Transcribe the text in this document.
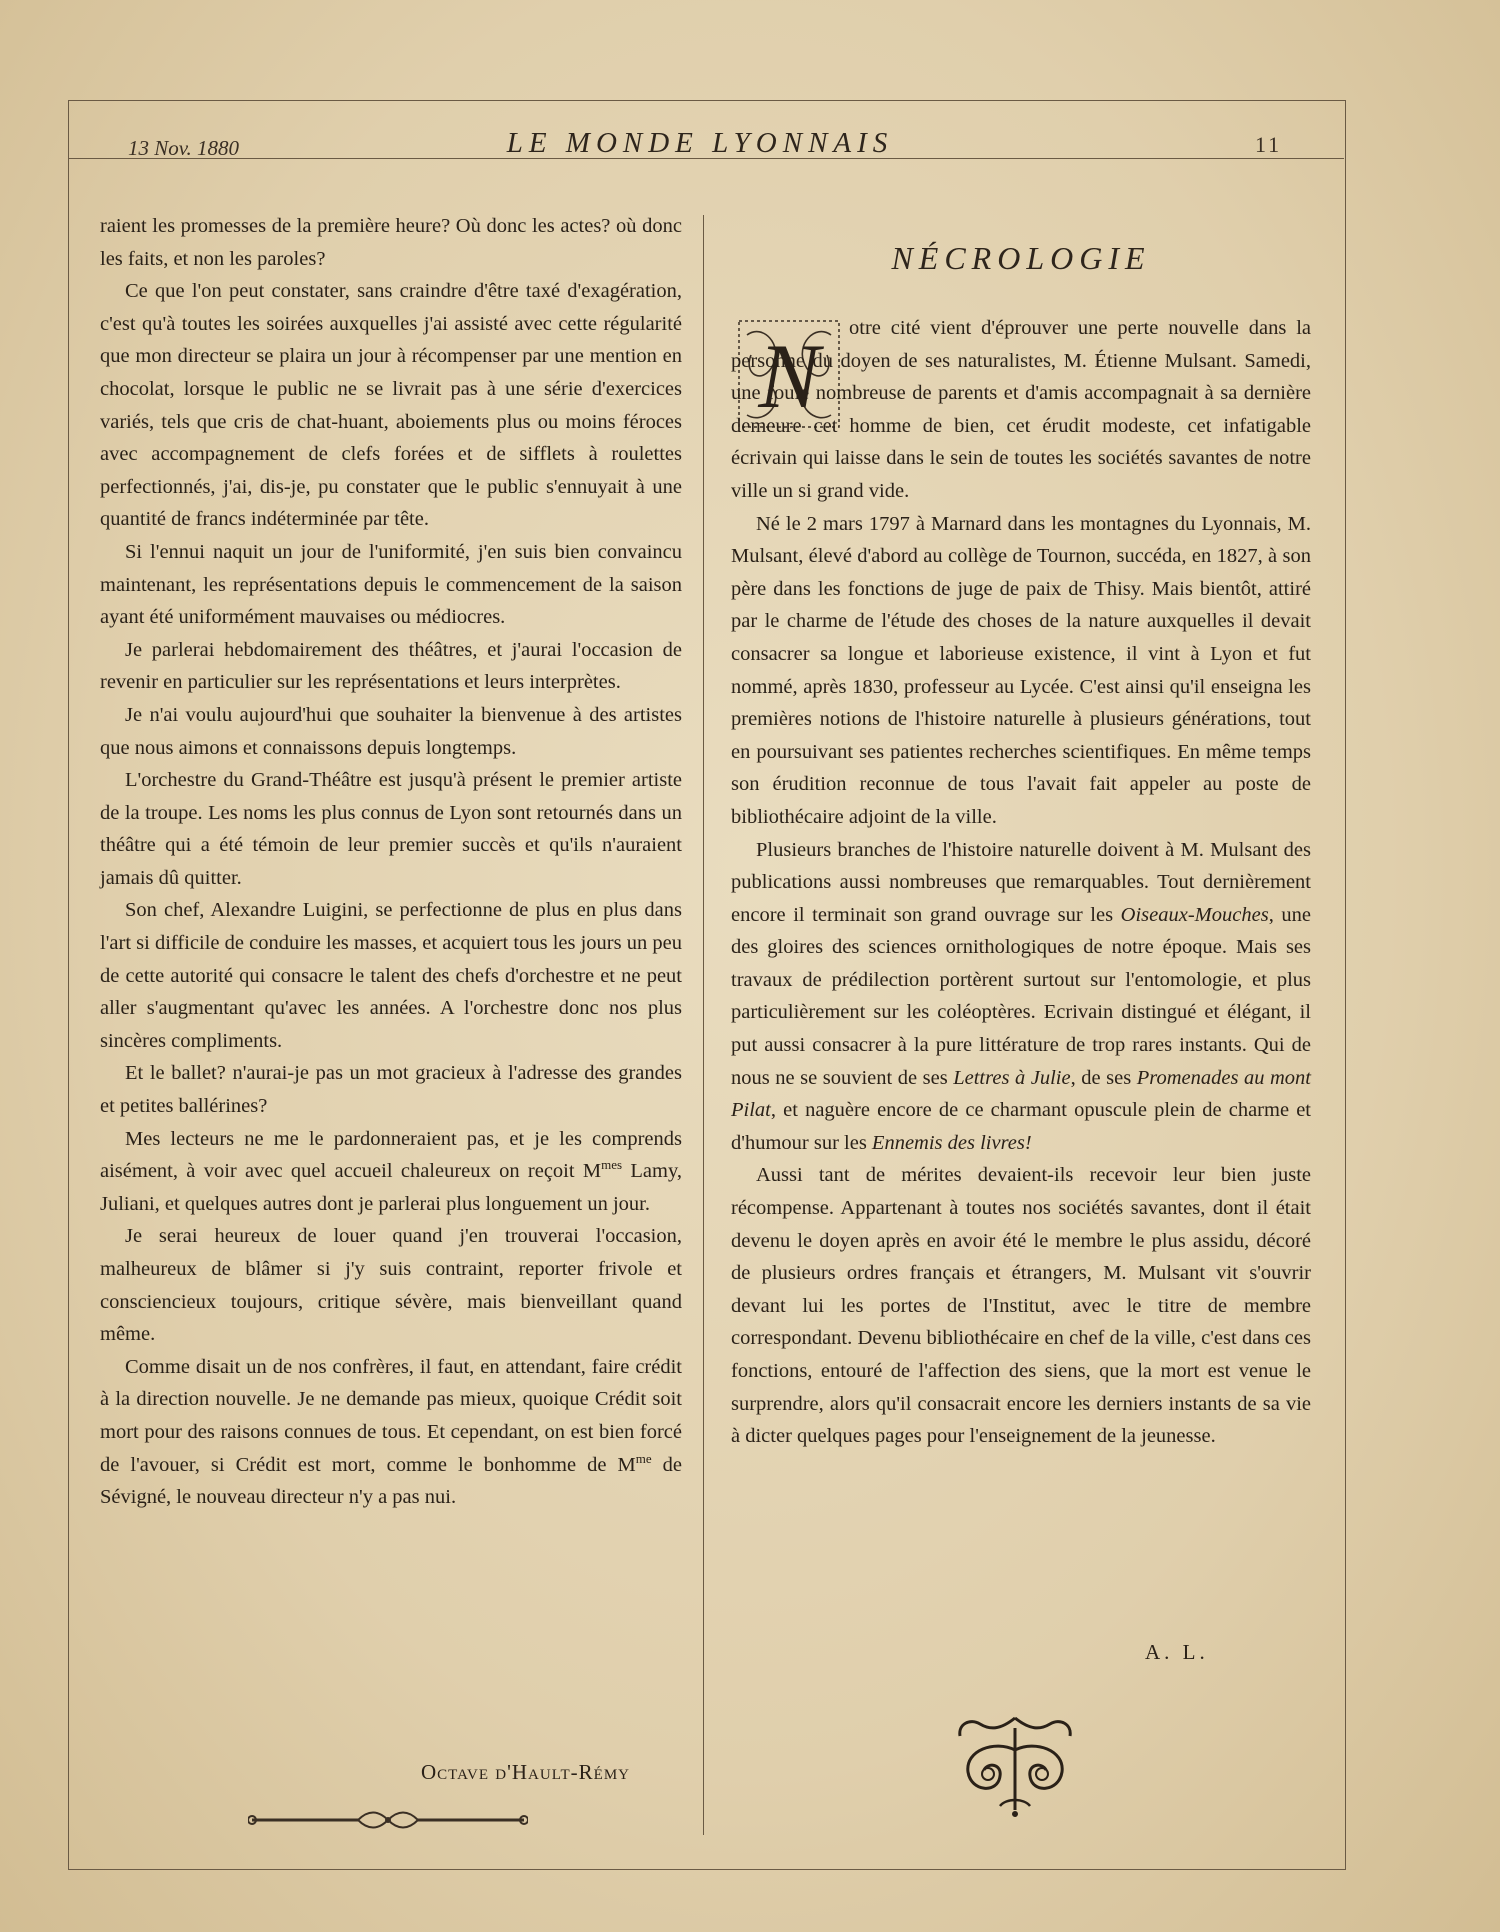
13 Nov. 1880	LE MONDE LYONNAIS	11

raient les promesses de la première heure? Où donc les actes? où donc les faits, et non les paroles?

Ce que l'on peut constater, sans craindre d'être taxé d'exagération, c'est qu'à toutes les soirées auxquelles j'ai assisté avec cette régularité que mon directeur se plaira un jour à récompenser par une mention en chocolat, lorsque le public ne se livrait pas à une série d'exercices variés, tels que cris de chat-huant, aboiements plus ou moins féroces avec accompagnement de clefs forées et de sifflets à roulettes perfectionnés, j'ai, dis-je, pu constater que le public s'ennuyait à une quantité de francs indéterminée par tête.

Si l'ennui naquit un jour de l'uniformité, j'en suis bien convaincu maintenant, les représentations depuis le commencement de la saison ayant été uniformément mauvaises ou médiocres.

Je parlerai hebdomairement des théâtres, et j'aurai l'occasion de revenir en particulier sur les représentations et leurs interprètes.

Je n'ai voulu aujourd'hui que souhaiter la bienvenue à des artistes que nous aimons et connaissons depuis longtemps.

L'orchestre du Grand-Théâtre est jusqu'à présent le premier artiste de la troupe. Les noms les plus connus de Lyon sont retournés dans un théâtre qui a été témoin de leur premier succès et qu'ils n'auraient jamais dû quitter.

Son chef, Alexandre Luigini, se perfectionne de plus en plus dans l'art si difficile de conduire les masses, et acquiert tous les jours un peu de cette autorité qui consacre le talent des chefs d'orchestre et ne peut aller s'augmentant qu'avec les années. A l'orchestre donc nos plus sincères compliments.

Et le ballet? n'aurai-je pas un mot gracieux à l'adresse des grandes et petites ballérines?

Mes lecteurs ne me le pardonneraient pas, et je les comprends aisément, à voir avec quel accueil chaleureux on reçoit $M^{mes}$ Lamy, Juliani, et quelques autres dont je parlerai plus longuement un jour.

Je serai heureux de louer quand j'en trouverai l'occasion, malheureux de blâmer si j'y suis contraint, reporter frivole et consciencieux toujours, critique sévère, mais bienveillant quand même.

Comme disait un de nos confrères, il faut, en attendant, faire crédit à la direction nouvelle. Je ne demande pas mieux, quoique Crédit soit mort pour des raisons connues de tous. Et cependant, on est bien forcé de l'avouer, si Crédit est mort, comme le bonhomme de $M^{me}$ de Sévigné, le nouveau directeur n'y a pas nui.

Octave d'Hault-Rémy
NÉCROLOGIE
N	otre cité vient d'éprouver une perte nouvelle dans la personne du doyen de ses naturalistes, M. Étienne Mulsant. Samedi, une foule nombreuse de parents et d'amis accompagnait à sa dernière demeure cet homme de bien, cet érudit modeste, cet infatigable écrivain qui laisse dans le sein de toutes les sociétés savantes de notre ville un si grand vide.

Né le 2 mars 1797 à Marnard dans les montagnes du Lyonnais, M. Mulsant, élevé d'abord au collège de Tournon, succéda, en 1827, à son père dans les fonctions de juge de paix de Thisy. Mais bientôt, attiré par le charme de l'étude des choses de la nature auxquelles il devait consacrer sa longue et laborieuse existence, il vint à Lyon et fut nommé, après 1830, professeur au Lycée. C'est ainsi qu'il enseigna les premières notions de l'histoire naturelle à plusieurs générations, tout en poursuivant ses patientes recherches scientifiques. En même temps son érudition reconnue de tous l'avait fait appeler au poste de bibliothécaire adjoint de la ville.

Plusieurs branches de l'histoire naturelle doivent à M. Mulsant des publications aussi nombreuses que remarquables. Tout dernièrement encore il terminait son grand ouvrage sur les Oiseaux-Mouches, une des gloires des sciences ornithologiques de notre époque. Mais ses travaux de prédilection portèrent surtout sur l'entomologie, et plus particulièrement sur les coléoptères. Ecrivain distingué et élégant, il put aussi consacrer à la pure littérature de trop rares instants. Qui de nous ne se souvient de ses Lettres à Julie, de ses Promenades au mont Pilat, et naguère encore de ce charmant opuscule plein de charme et d'humour sur les Ennemis des livres!

Aussi tant de mérites devaient-ils recevoir leur bien juste récompense. Appartenant à toutes nos sociétés savantes, dont il était devenu le doyen après en avoir été le membre le plus assidu, décoré de plusieurs ordres français et étrangers, M. Mulsant vit s'ouvrir devant lui les portes de l'Institut, avec le titre de membre correspondant. Devenu bibliothécaire en chef de la ville, c'est dans ces fonctions, entouré de l'affection des siens, que la mort est venue le surprendre, alors qu'il consacrait encore les derniers instants de sa vie à dicter quelques pages pour l'enseignement de la jeunesse.

A. L.
